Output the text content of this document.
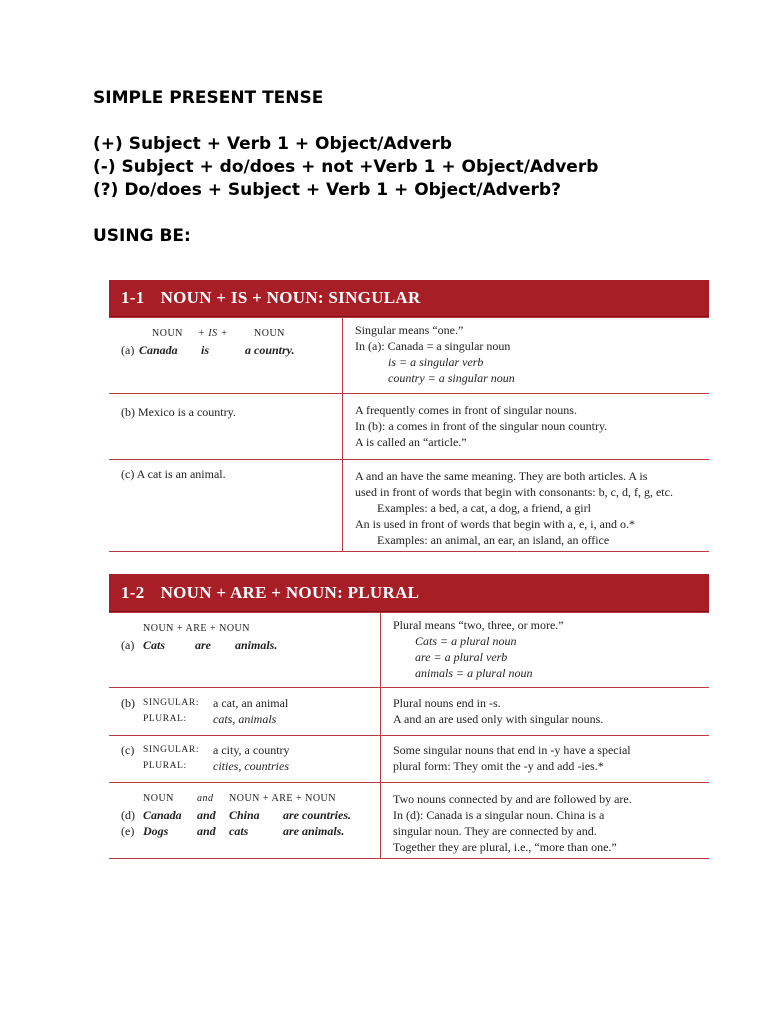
SIMPLE PRESENT TENSE
(+) Subject + Verb 1 + Object/Adverb
(-) Subject + do/does + not +Verb 1 + Object/Adverb
(?) Do/does + Subject + Verb 1 + Object/Adverb?
USING BE:
1-1 NOUN + IS + NOUN: SINGULAR
NOUN	+ IS +	NOUN
(a) Canada	is	a country.
Singular means “one.”
In (a): Canada = a singular noun
is = a singular verb
country = a singular noun
(b) Mexico is a country.	A frequently comes in front of singular nouns.
In (b): a comes in front of the singular noun country.
A is called an “article.”
(c) A cat is an animal.	A and an have the same meaning. They are both articles. A is
used in front of words that begin with consonants: b, c, d, f, g, etc.
Examples: a bed, a cat, a dog, a friend, a girl
An is used in front of words that begin with a, e, i, and o.*
Examples: an animal, an ear, an island, an office
1-2 NOUN + ARE + NOUN: PLURAL
NOUN + ARE + NOUN
(a) Cats	are	animals.
Plural means “two, three, or more.”
Cats = a plural noun
are = a plural verb
animals = a plural noun
(b) SINGULAR:	a cat, an animal
PLURAL:	cats, animals
Plural nouns end in -s.
A and an are used only with singular nouns.
(c) SINGULAR:	a city, a country
PLURAL:	cities, countries
Some singular nouns that end in -y have a special
plural form: They omit the -y and add -ies.*
NOUN	and	NOUN + ARE + NOUN
(d) Canada	and	China	are countries.
(e) Dogs	and	cats	are animals.
Two nouns connected by and are followed by are.
In (d): Canada is a singular noun. China is a
singular noun. They are connected by and.
Together they are plural, i.e., “more than one.”
